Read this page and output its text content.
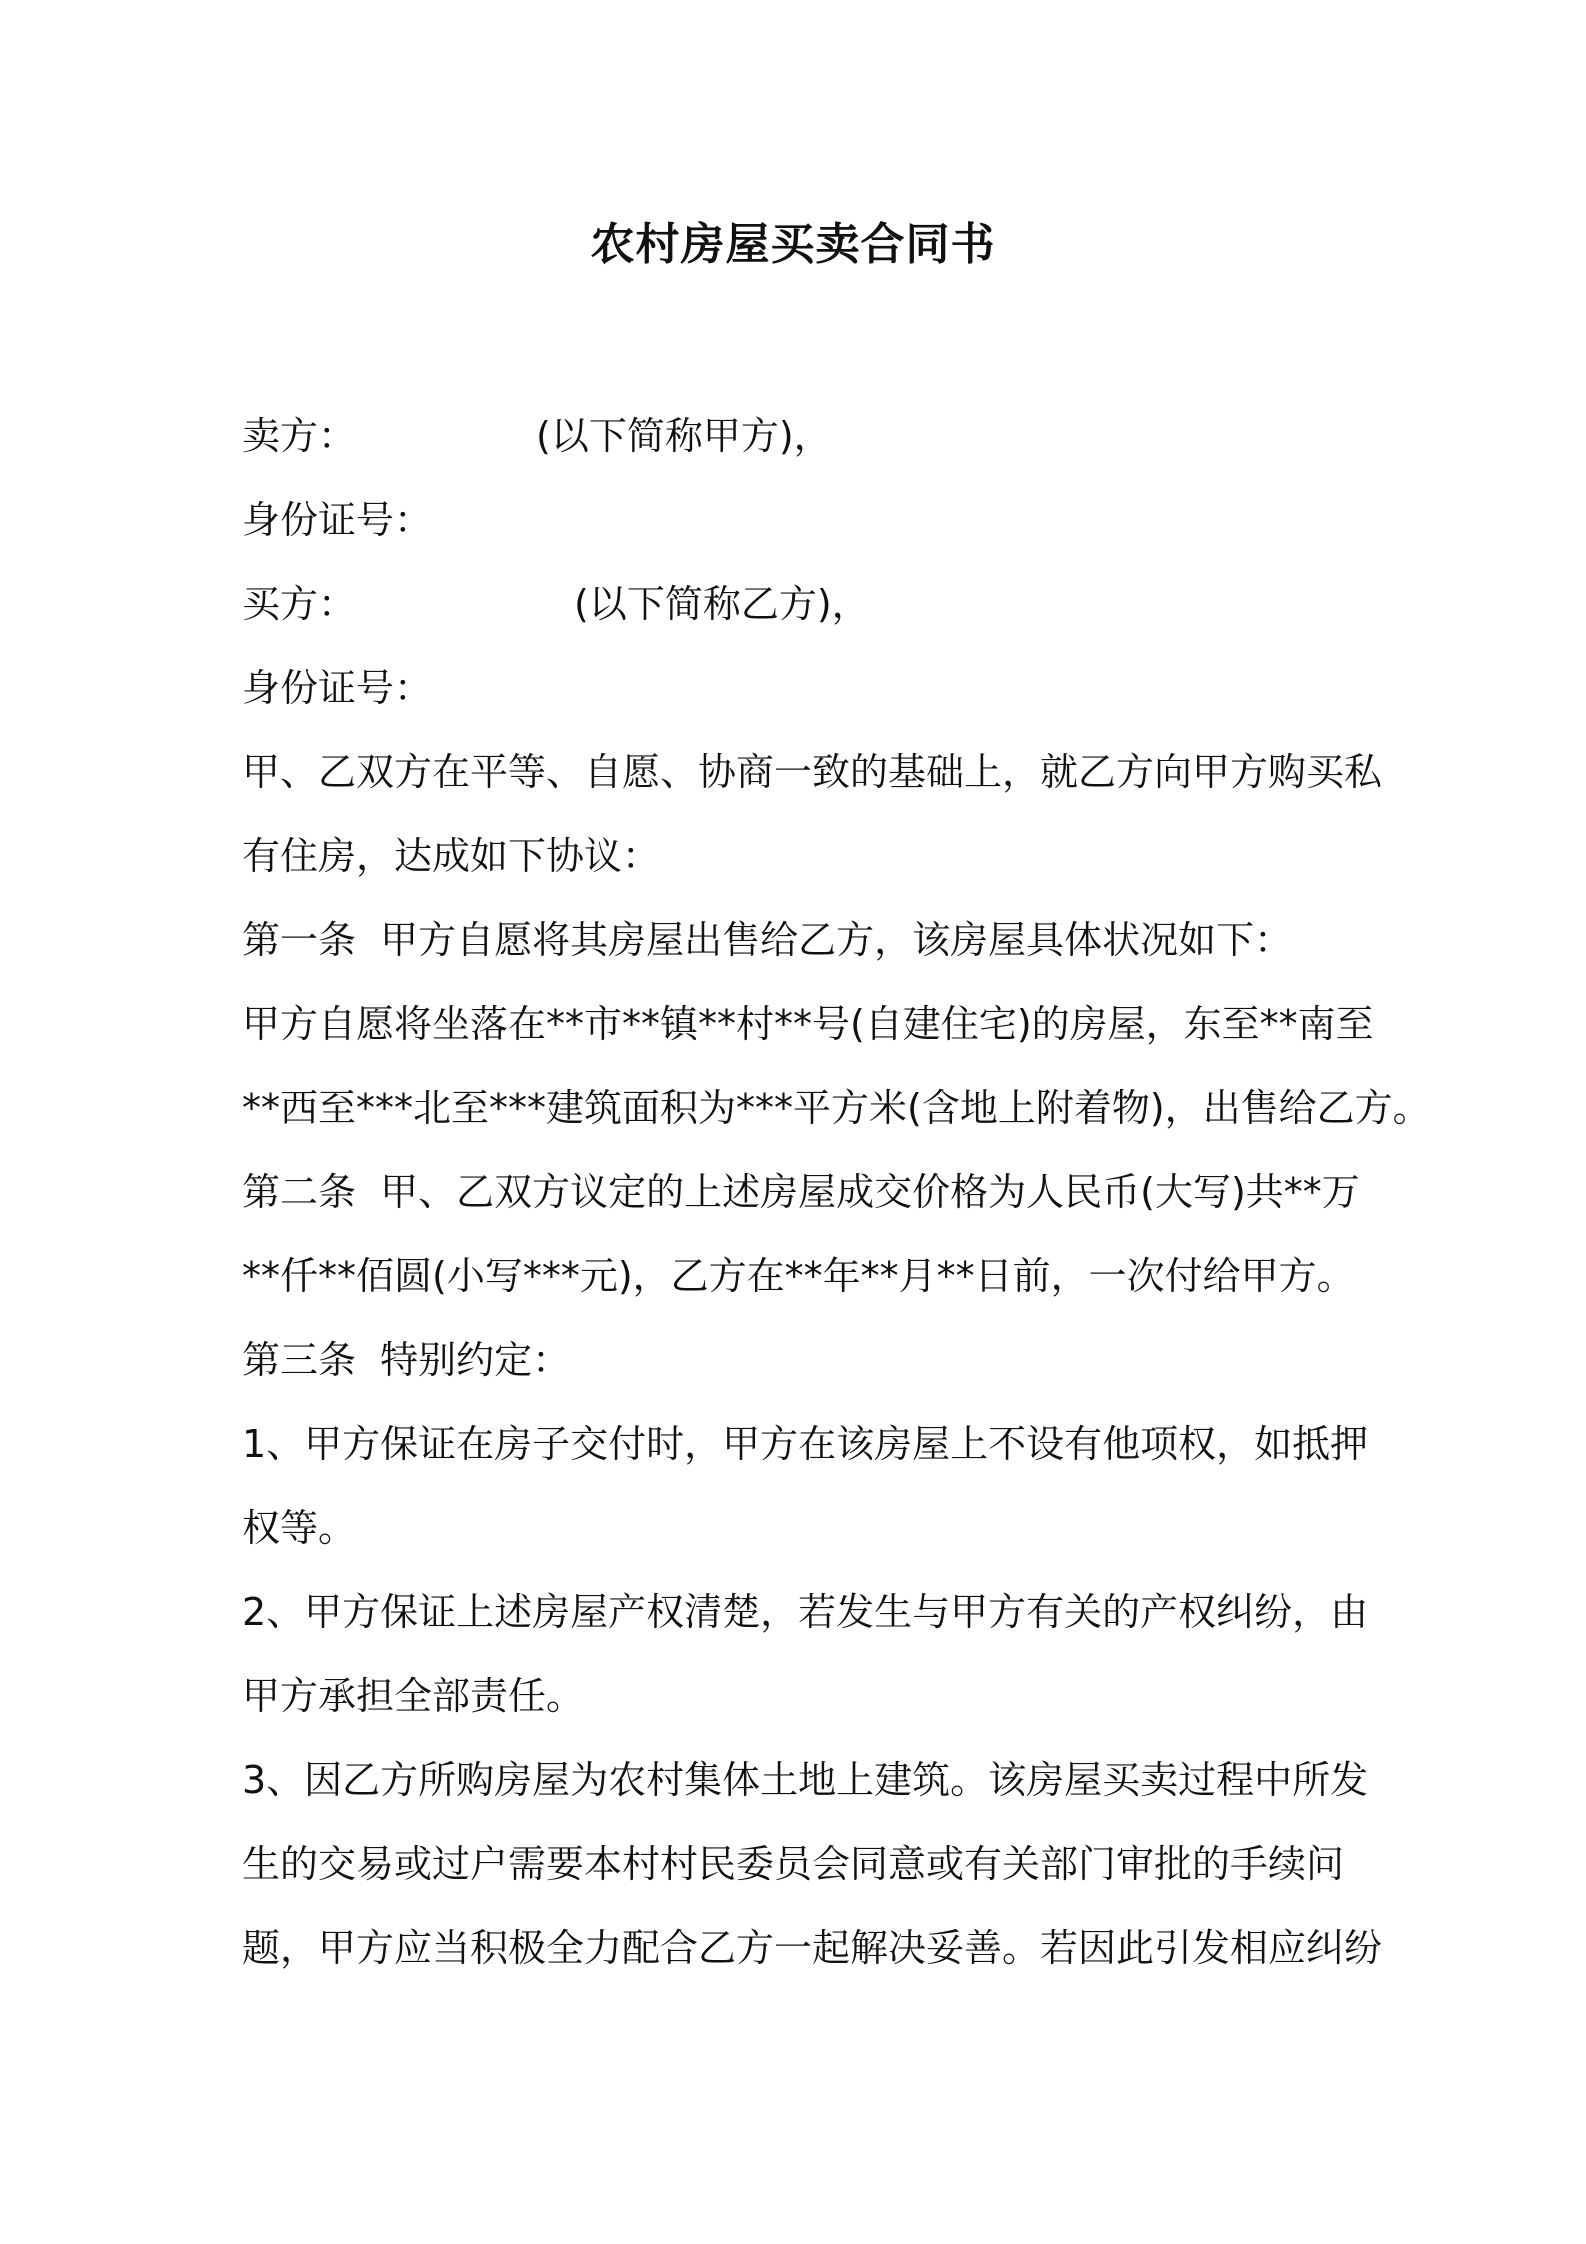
农村房屋买卖合同书
卖方：	(以下简称甲方)，
身份证号：
买方：	(以下简称乙方)，
身份证号：
甲、乙双方在平等、自愿、协商一致的基础上，就乙方向甲方购买私
有住房，达成如下协议：
第一条  甲方自愿将其房屋出售给乙方，该房屋具体状况如下：
甲方自愿将坐落在**市**镇**村**号(自建住宅)的房屋，东至**南至
**西至***北至***建筑面积为***平方米(含地上附着物)，出售给乙方。
第二条  甲、乙双方议定的上述房屋成交价格为人民币(大写)共**万
**仟**佰圆(小写***元)，乙方在**年**月**日前，一次付给甲方。
第三条  特别约定：
1、甲方保证在房子交付时，甲方在该房屋上不设有他项权，如抵押
权等。
2、甲方保证上述房屋产权清楚，若发生与甲方有关的产权纠纷，由
甲方承担全部责任。
3、因乙方所购房屋为农村集体土地上建筑。该房屋买卖过程中所发
生的交易或过户需要本村村民委员会同意或有关部门审批的手续问
题，甲方应当积极全力配合乙方一起解决妥善。若因此引发相应纠纷
